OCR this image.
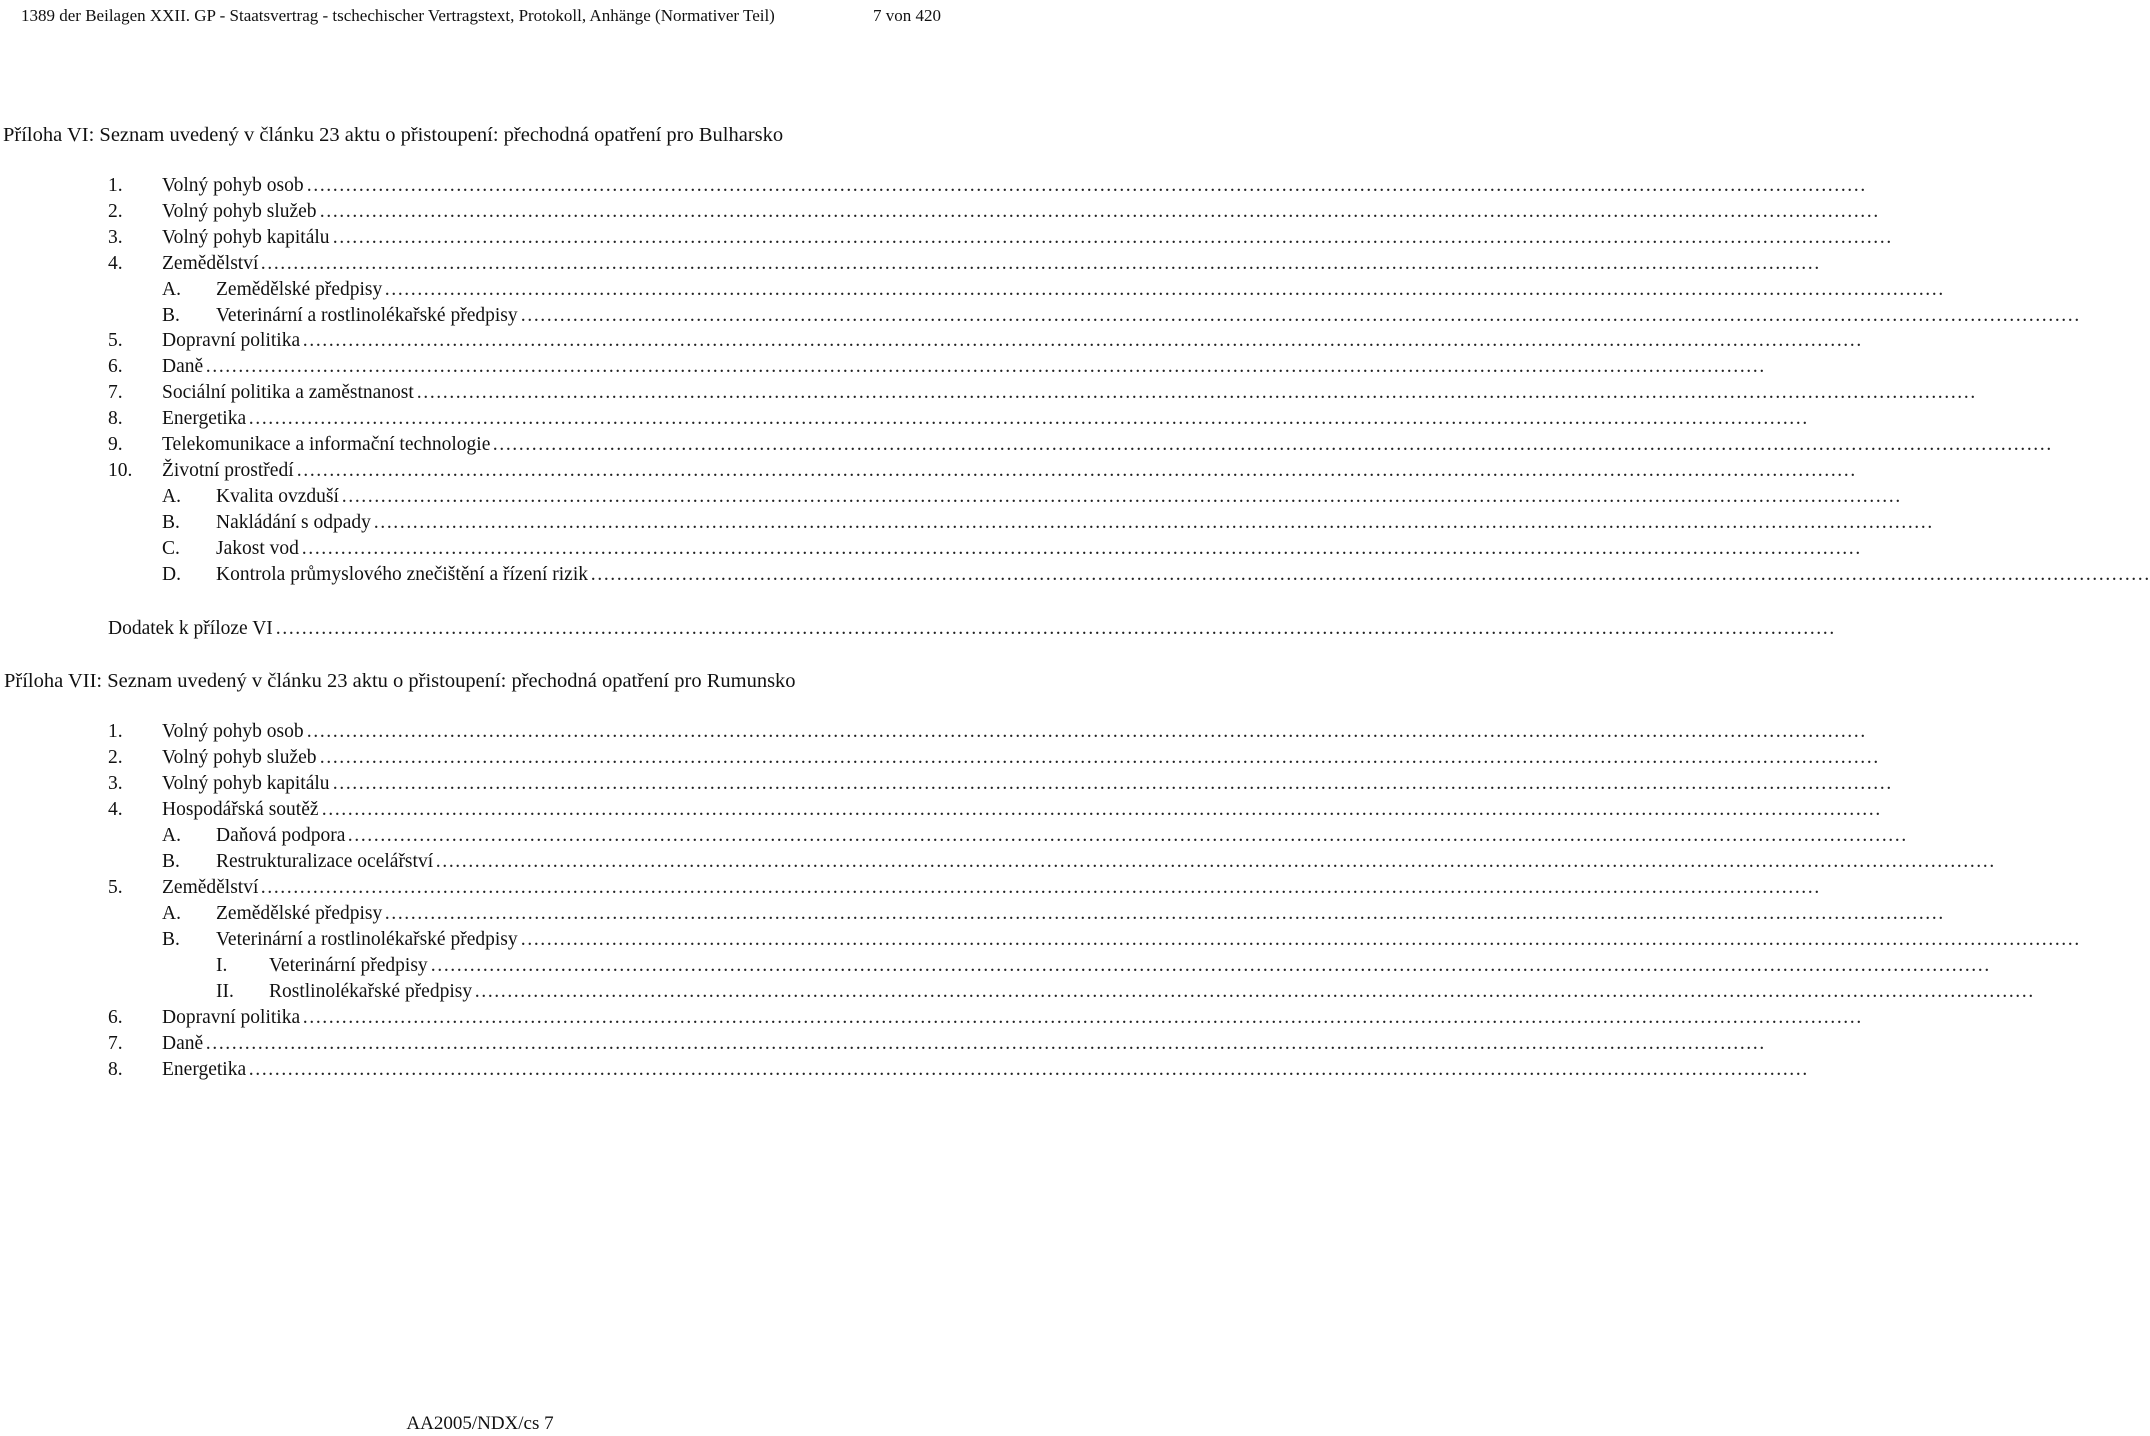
1389 der Beilagen XXII. GP - Staatsvertrag - tschechischer Vertragstext, Protokoll, Anhänge (Normativer Teil)	7 von 420
Příloha VI: Seznam uvedený v článku 23 aktu o přistoupení: přechodná opatření pro Bulharsko
1. Volný pohyb osob ……………………………………………………………………………………………………………………………………………………………………………………………………………………
2. Volný pohyb služeb ……………………………………………………………………………………………………………………………………………………………………………………………………………………
3. Volný pohyb kapitálu ……………………………………………………………………………………………………………………………………………………………………………………………………………………
4. Zemědělství ……………………………………………………………………………………………………………………………………………………………………………………………………………………
A. Zemědělské předpisy ……………………………………………………………………………………………………………………………………………………………………………………………………………………
B. Veterinární a rostlinolékařské předpisy ……………………………………………………………………………………………………………………………………………………………………………………………………………………
5. Dopravní politika ……………………………………………………………………………………………………………………………………………………………………………………………………………………
6. Daně ……………………………………………………………………………………………………………………………………………………………………………………………………………………
7. Sociální politika a zaměstnanost ……………………………………………………………………………………………………………………………………………………………………………………………………………………
8. Energetika ……………………………………………………………………………………………………………………………………………………………………………………………………………………
9. Telekomunikace a informační technologie ……………………………………………………………………………………………………………………………………………………………………………………………………………………
10. Životní prostředí ……………………………………………………………………………………………………………………………………………………………………………………………………………………
A. Kvalita ovzduší ……………………………………………………………………………………………………………………………………………………………………………………………………………………
B. Nakládání s odpady ……………………………………………………………………………………………………………………………………………………………………………………………………………………
C. Jakost vod ……………………………………………………………………………………………………………………………………………………………………………………………………………………
D. Kontrola průmyslového znečištění a řízení rizik ……………………………………………………………………………………………………………………………………………………………………………………………………………………
Dodatek k příloze VI ……………………………………………………………………………………………………………………………………………………………………………………………………………………
Příloha VII: Seznam uvedený v článku 23 aktu o přistoupení: přechodná opatření pro Rumunsko
1. Volný pohyb osob ……………………………………………………………………………………………………………………………………………………………………………………………………………………
2. Volný pohyb služeb ……………………………………………………………………………………………………………………………………………………………………………………………………………………
3. Volný pohyb kapitálu ……………………………………………………………………………………………………………………………………………………………………………………………………………………
4. Hospodářská soutěž ……………………………………………………………………………………………………………………………………………………………………………………………………………………
A. Daňová podpora ……………………………………………………………………………………………………………………………………………………………………………………………………………………
B. Restrukturalizace ocelářství ……………………………………………………………………………………………………………………………………………………………………………………………………………………
5. Zemědělství ……………………………………………………………………………………………………………………………………………………………………………………………………………………
A. Zemědělské předpisy ……………………………………………………………………………………………………………………………………………………………………………………………………………………
B. Veterinární a rostlinolékařské předpisy ……………………………………………………………………………………………………………………………………………………………………………………………………………………
I. Veterinární předpisy ……………………………………………………………………………………………………………………………………………………………………………………………………………………
II. Rostlinolékařské předpisy ……………………………………………………………………………………………………………………………………………………………………………………………………………………
6. Dopravní politika ……………………………………………………………………………………………………………………………………………………………………………………………………………………
7. Daně ……………………………………………………………………………………………………………………………………………………………………………………………………………………
8. Energetika ……………………………………………………………………………………………………………………………………………………………………………………………………………………
AA2005/NDX/cs 7
